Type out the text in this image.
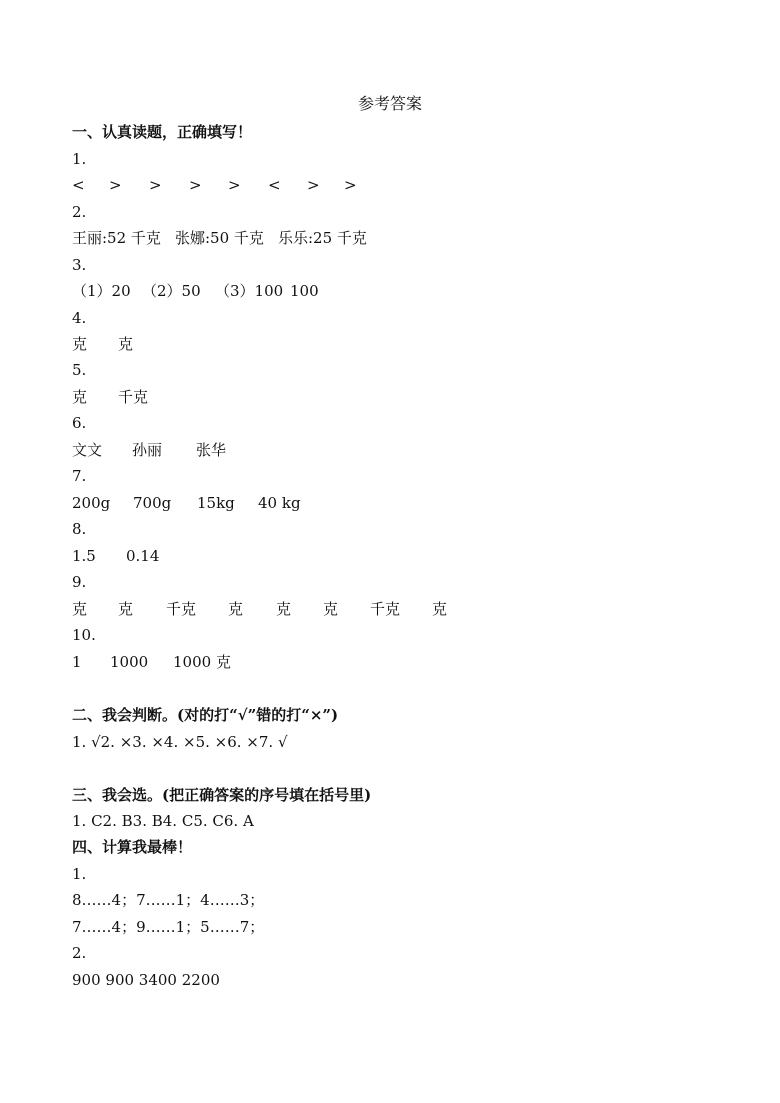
参考答案
一、认真读题，正确填写！
1.
< > > > > < > >
2.
王丽:52 千克 张娜:50 千克 乐乐:25 千克
3.
（1）20 （2）50 （3）100 100
4.
克 克
5.
克 千克
6.
文文 孙丽 张华
7.
200g 700g 15kg 40 kg
8.
1.5 0.14
9.
克 克 千克 克 克 克 千克 克
10.
1 1000 1000 克
二、我会判断。(对的打“√”错的打“×”)
1. √2. ×3. ×4. ×5. ×6. ×7. √
三、我会选。(把正确答案的序号填在括号里)
1. C2. B3. B4. C5. C6. A
四、计算我最棒！
1.
8……4；7……1；4……3；
7……4；9……1；5……7；
2.
900 900 3400 2200
